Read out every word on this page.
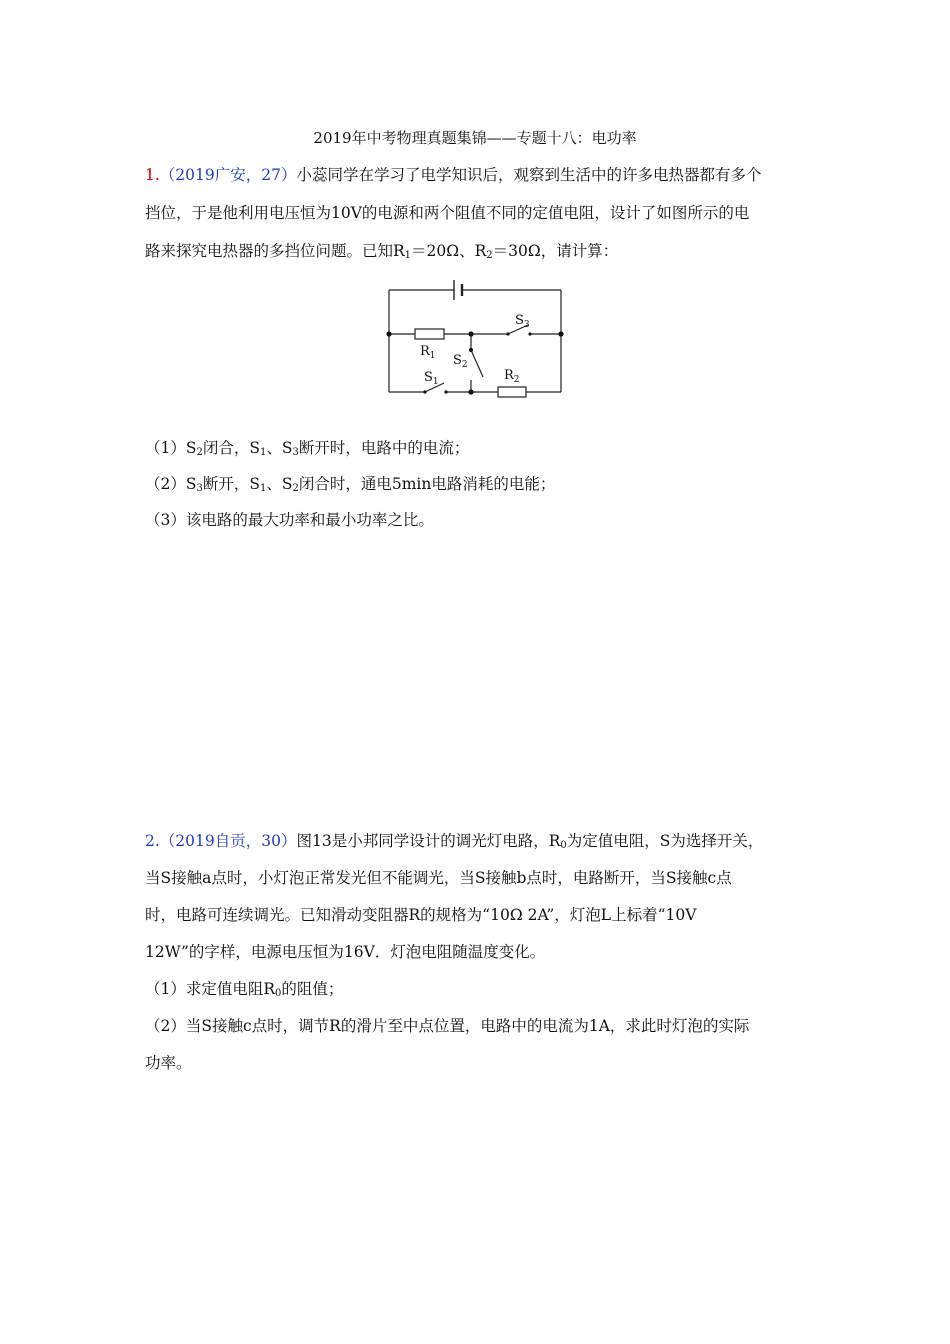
2019年中考物理真题集锦——专题十八：电功率
1.（2019广安，27）小蕊同学在学习了电学知识后，观察到生活中的许多电热器都有多个
挡位，于是他利用电压恒为10V的电源和两个阻值不同的定值电阻，设计了如图所示的电
路来探究电热器的多挡位问题。已知$R_1=20\Omega$、$R_2=30\Omega$，请计算：
$R_1$
$R_2$
$S_1$
$S_2$
$S_3$
$(1)S_2$闭合，$S_1$、$S_3$断开时，电路中的电流；
$(2)S_3$断开，$S_1$、$S_2$闭合时，通电5min电路消耗的电能；
（3）该电路的最大功率和最小功率之比。
2.（2019自贡，30）图13是小邦同学设计的调光灯电路，$R_0$为定值电阻，S为选择开关，
当S接触a点时，小灯泡正常发光但不能调光，当S接触b点时，电路断开，当S接触c点
时，电路可连续调光。已知滑动变阻器R的规格为“10Ω 2A”，灯泡L上标着“10V
12W”的字样，电源电压恒为16V．灯泡电阻随温度变化。
（1）求定值电阻$R_0$的阻值；
（2）当S接触c点时，调节R的滑片至中点位置，电路中的电流为1A，求此时灯泡的实际
功率。
